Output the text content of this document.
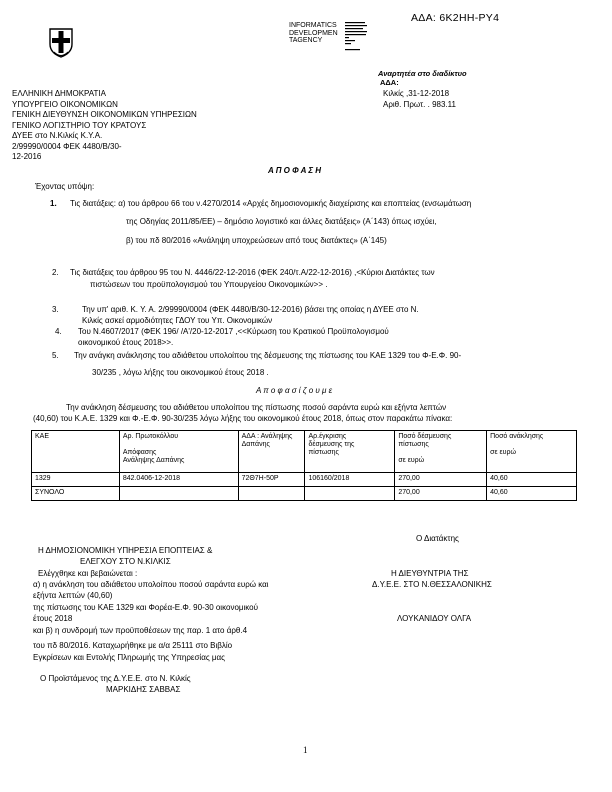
ΑΔΑ: 6Κ2ΗΗ-ΡΥ4
INFORMATICS
DEVELOPMEN
TAGENCY
Αναρτητέα στο διαδίκτυο
ΑΔΑ:
Κιλκίς ,31-12-2018
Αριθ. Πρωτ. . 983.11
ΕΛΛΗΝΙΚΗ ΔΗΜΟΚΡΑΤΙΑ
ΥΠΟΥΡΓΕΙΟ ΟΙΚΟΝΟΜΙΚΩΝ
ΓΕΝΙΚΗ ΔΙΕΥΘΥΝΣΗ ΟΙΚΟΝΟΜΙΚΩΝ ΥΠΗΡΕΣΙΩΝ
ΓΕΝΙΚΟ ΛΟΓΙΣΤΗΡΙΟ ΤΟΥ ΚΡΑΤΟΥΣ
ΔΥΕΕ στο Ν.Κιλκίς Κ.Υ.Α.
2/99990/0004 ΦΕΚ 4480/Β/30-
12-2016
Α Π Ο Φ Α Σ Η
Έχοντας υπόψη:
1. Τις διατάξεις: α) του άρθρου 66 του ν.4270/2014 «Αρχές δημοσιονομικής διαχείρισης και εποπτείας (ενσωμάτωση
της Οδηγίας 2011/85/ΕΕ) – δημόσιο λογιστικό και άλλες διατάξεις» (Α΄143) όπως ισχύει,
β) του πδ 80/2016 «Ανάληψη υποχρεώσεων από τους διατάκτες» (Α΄145)
2. Τις διατάξεις του άρθρου 95 του Ν. 4446/22-12-2016 (ΦΕΚ 240/τ.Α/22-12-2016) ,<Κύριοι Διατάκτες των
πιστώσεων του προϋπολογισμού του Υπουργείου Οικονομικών>> .
3.	Την υπ' αριθ. Κ. Υ. Α. 2/99990/0004 (ΦΕΚ 4480/Β/30-12-2016) βάσει της οποίας η ΔΥΕΕ στο Ν.
Κιλκίς ασκεί αρμοδιότητες ΓΔΟΥ του Υπ. Οικονομικών
4. Του Ν.4607/2017 (ΦΕΚ 196/ /Α'/20-12-2017 ,<<Κύρωση του Κρατικού Προϋπολογισμού
οικονομικού έτους 2018>>.
5. Την ανάγκη ανάκλησης του αδιάθετου υπολοίπου της δέσμευσης της πίστωσης του ΚΑΕ 1329 του Φ-Ε.Φ. 90-
30/235 , λόγω λήξης του οικονομικού έτους 2018 .
Α π ο φ α σ ί ζ ο υ μ ε
Την ανάκληση δέσμευσης του αδιάθετου υπολοίπου της πίστωσης ποσού σαράντα ευρώ και εξήντα λεπτών
(40,60) του Κ.Α.Ε. 1329 και Φ.-Ε.Φ. 90-30/235 λόγω λήξης του οικονομικού έτους 2018, όπως στον παρακάτω πίνακα:
ΚΑΕ	Αρ. Πρωτοκόλλου

Απόφασης
Ανάληψης Δαπάνης	ΑΔΑ : Ανάληψης
Δαπάνης	Αρ.έγκρισης
δέσμευσης της
πίστωσης	Ποσό δέσμευσης
πίστωσης

σε ευρώ	Ποσό ανάκλησης

σε ευρώ
1329	842.0406-12-2018	72Θ7Η-50Ρ	106160/2018	270,00	40,60
ΣΥΝΟΛΟ				270,00	40,60
Ο Διατάκτης
Η ΔΗΜΟΣΙΟΝΟΜΙΚΗ ΥΠΗΡΕΣΙΑ ΕΠΟΠΤΕΙΑΣ &
ΕΛΕΓΧΟΥ ΣΤΟ Ν.ΚΙΛΚΙΣ
Ελέγχθηκε και βεβαιώνεται :
α) η ανάκληση του αδιάθετου υπολοίπου ποσού σαράντα ευρώ και
εξήντα λεπτών (40,60)
της πίστωσης του ΚΑΕ 1329 και Φορέα-Ε.Φ. 90-30 οικονομικού
έτους 2018
και β) η συνδρομή των προϋποθέσεων της παρ. 1 ατο άρθ.4
του πδ 80/2016. Καταχωρήθηκε με α/α 25111 στο Βιβλίο
Εγκρίσεων και Εντολής Πληρωμής της Υπηρεσίας μας
Ο Προϊστάμενος της Δ.Υ.Ε.Ε. στο Ν. Κιλκίς
ΜΑΡΚΙΔΗΣ ΣΑΒΒΑΣ
Η ΔΙΕΥΘΥΝΤΡΙΑ ΤΗΣ
Δ.Υ.Ε.Ε. ΣΤΟ Ν.ΘΕΣΣΑΛΟΝΙΚΗΣ
ΛΟΥΚΑΝΙΔΟΥ ΟΛΓΑ
1
